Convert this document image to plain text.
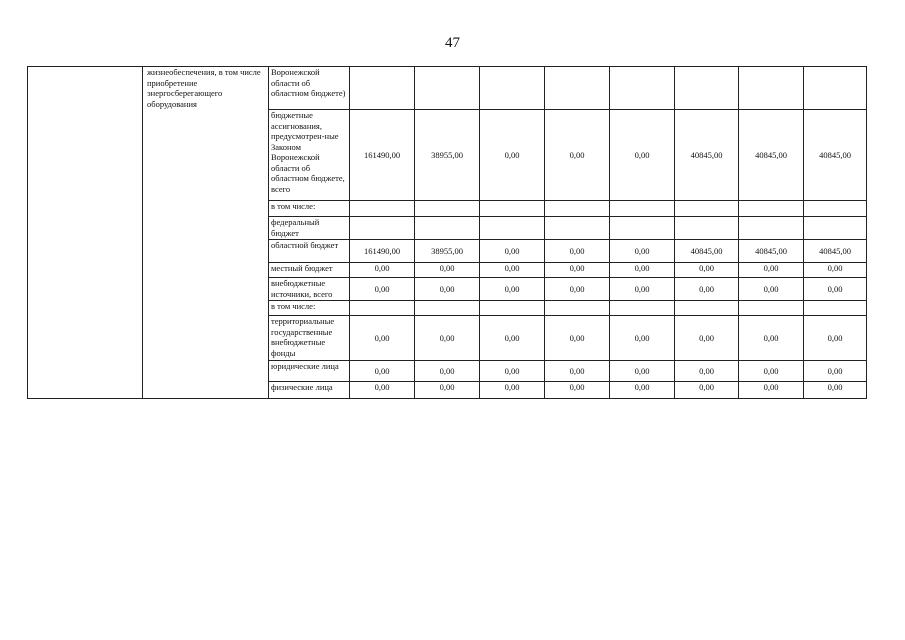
47
	жизнеобеспечения, в том числе приобретение энергосберегающего оборудования	Воронежской области об областном бюджете)								
		бюджетные ассигнования, предусмотрен-ные Законом Воронежской области об областном бюджете, всего	161490,00	38955,00	0,00	0,00	0,00	40845,00	40845,00	40845,00
		в том числе:								
		федеральный бюджет								
		областной бюджет	161490,00	38955,00	0,00	0,00	0,00	40845,00	40845,00	40845,00
		местный бюджет	0,00	0,00	0,00	0,00	0,00	0,00	0,00	0,00
		внебюджетные источники, всего	0,00	0,00	0,00	0,00	0,00	0,00	0,00	0,00
		в том числе:								
		территориальные государственные внебюджетные фонды	0,00	0,00	0,00	0,00	0,00	0,00	0,00	0,00
		юридические лица	0,00	0,00	0,00	0,00	0,00	0,00	0,00	0,00
		физические лица	0,00	0,00	0,00	0,00	0,00	0,00	0,00	0,00
